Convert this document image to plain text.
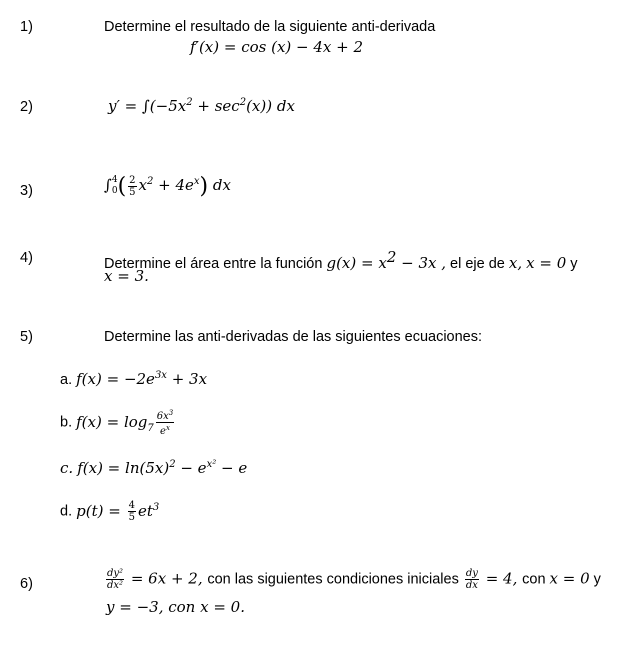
1)	Determine el resultado de la siguiente anti-derivada
f′(x) = cos (x) − 4x + 2
2)	$y' = \int(-5x^2 + \sec^2(x))$ dx
3)	∫ 4
0 ( $\frac{2}{5} x^2 + 4e^x$) dx
4)	Determine el área entre la función $g(x) = x^2 - 3x$ , el eje de x, x = 0 y
x = 3.
5)	Determine las anti-derivadas de las siguientes ecuaciones:
a. $f(x) = -2e^{3x} + 3x$
b. $f(x) = \log_7 \frac{6x^3}{e^x}$
c. $f(x) = \ln(5x)^2 - e^{x^2} - e$
d. $p(t) = \frac{4}{5} et^3$
6)	$\frac{\text{dy²}}{\text{dx²}} = 6x + 2$, con las siguientes condiciones iniciales $\frac{dy}{dx} = 4$, con x = 0 y
y = −3, con x = 0.
